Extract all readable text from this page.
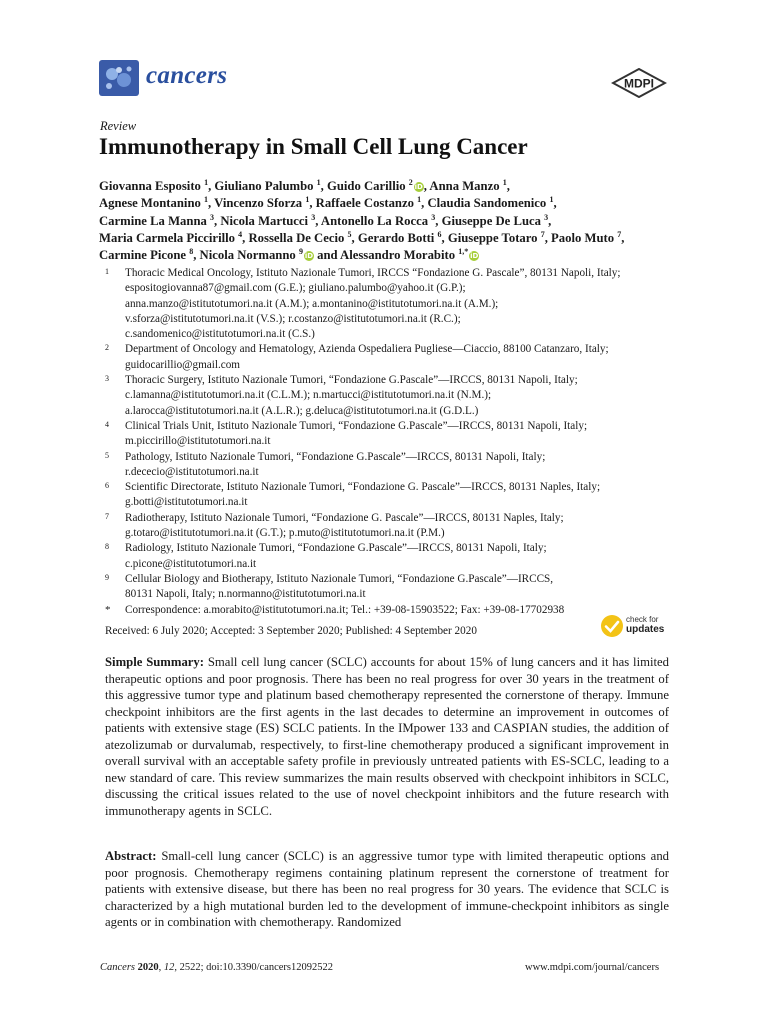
cancers	MDPI
Review
Immunotherapy in Small Cell Lung Cancer
Giovanna Esposito $^1$, Giuliano Palumbo $^1$, Guido Carillio $^2$iD, Anna Manzo $^1$,
Agnese Montanino $^1$, Vincenzo Sforza $^1$, Raffaele Costanzo $^1$, Claudia Sandomenico $^1$,
Carmine La Manna $^3$, Nicola Martucci $^3$, Antonello La Rocca $^3$, Giuseppe De Luca $^3$,
Maria Carmela Piccirillo $^4$, Rossella De Cecio $^5$, Gerardo Botti $^6$, Giuseppe Totaro $^7$, Paolo Muto $^7$,
Carmine Picone $^8$, Nicola Normanno $^9$iD and Alessandro Morabito $^{1,*}$iD
1 Thoracic Medical Oncology, Istituto Nazionale Tumori, IRCCS “Fondazione G. Pascale”, 80131 Napoli, Italy;
espositogiovanna87@gmail.com (G.E.); giuliano.palumbo@yahoo.it (G.P.);
anna.manzo@istitutotumori.na.it (A.M.); a.montanino@istitutotumori.na.it (A.M.);
v.sforza@istitutotumori.na.it (V.S.); r.costanzo@istitutotumori.na.it (R.C.);
c.sandomenico@istitutotumori.na.it (C.S.)
2 Department of Oncology and Hematology, Azienda Ospedaliera Pugliese—Ciaccio, 88100 Catanzaro, Italy;
guidocarillio@gmail.com
3 Thoracic Surgery, Istituto Nazionale Tumori, “Fondazione G.Pascale”—IRCCS, 80131 Napoli, Italy;
c.lamanna@istitutotumori.na.it (C.L.M.); n.martucci@istitutotumori.na.it (N.M.);
a.larocca@istitutotumori.na.it (A.L.R.); g.deluca@istitutotumori.na.it (G.D.L.)
4 Clinical Trials Unit, Istituto Nazionale Tumori, “Fondazione G.Pascale”—IRCCS, 80131 Napoli, Italy;
m.piccirillo@istitutotumori.na.it
5 Pathology, Istituto Nazionale Tumori, “Fondazione G.Pascale”—IRCCS, 80131 Napoli, Italy;
r.dececio@istitutotumori.na.it
6 Scientific Directorate, Istituto Nazionale Tumori, “Fondazione G. Pascale”—IRCCS, 80131 Naples, Italy;
g.botti@istitutotumori.na.it
7 Radiotherapy, Istituto Nazionale Tumori, “Fondazione G. Pascale”—IRCCS, 80131 Naples, Italy;
g.totaro@istitutotumori.na.it (G.T.); p.muto@istitutotumori.na.it (P.M.)
8 Radiology, Istituto Nazionale Tumori, “Fondazione G.Pascale”—IRCCS, 80131 Napoli, Italy;
c.picone@istitutotumori.na.it
9 Cellular Biology and Biotherapy, Istituto Nazionale Tumori, “Fondazione G.Pascale”—IRCCS,
80131 Napoli, Italy; n.normanno@istitutotumori.na.it
* Correspondence: a.morabito@istitutotumori.na.it; Tel.: +39-08-15903522; Fax: +39-08-17702938
Received: 6 July 2020; Accepted: 3 September 2020; Published: 4 September 2020
check for
updates
Simple Summary: Small cell lung cancer (SCLC) accounts for about 15% of lung cancers and it has limited therapeutic options and poor prognosis. There has been no real progress for over 30 years in the treatment of this aggressive tumor type and platinum based chemotherapy represented the cornerstone of therapy. Immune checkpoint inhibitors are the first agents in the last decades to determine an improvement in outcomes of patients with extensive stage (ES) SCLC patients. In the IMpower 133 and CASPIAN studies, the addition of atezolizumab or durvalumab, respectively, to first-line chemotherapy produced a significant improvement in overall survival with an acceptable safety profile in previously untreated patients with ES-SCLC, leading to a new standard of care. This review summarizes the main results observed with checkpoint inhibitors in SCLC, discussing the critical issues related to the use of novel checkpoint inhibitors and the future research with immunotherapy agents in SCLC.
Abstract: Small-cell lung cancer (SCLC) is an aggressive tumor type with limited therapeutic options and poor prognosis. Chemotherapy regimens containing platinum represent the cornerstone of treatment for patients with extensive disease, but there has been no real progress for 30 years. The evidence that SCLC is characterized by a high mutational burden led to the development of immune-checkpoint inhibitors as single agents or in combination with chemotherapy. Randomized
Cancers 2020, 12, 2522; doi:10.3390/cancers12092522	www.mdpi.com/journal/cancers
